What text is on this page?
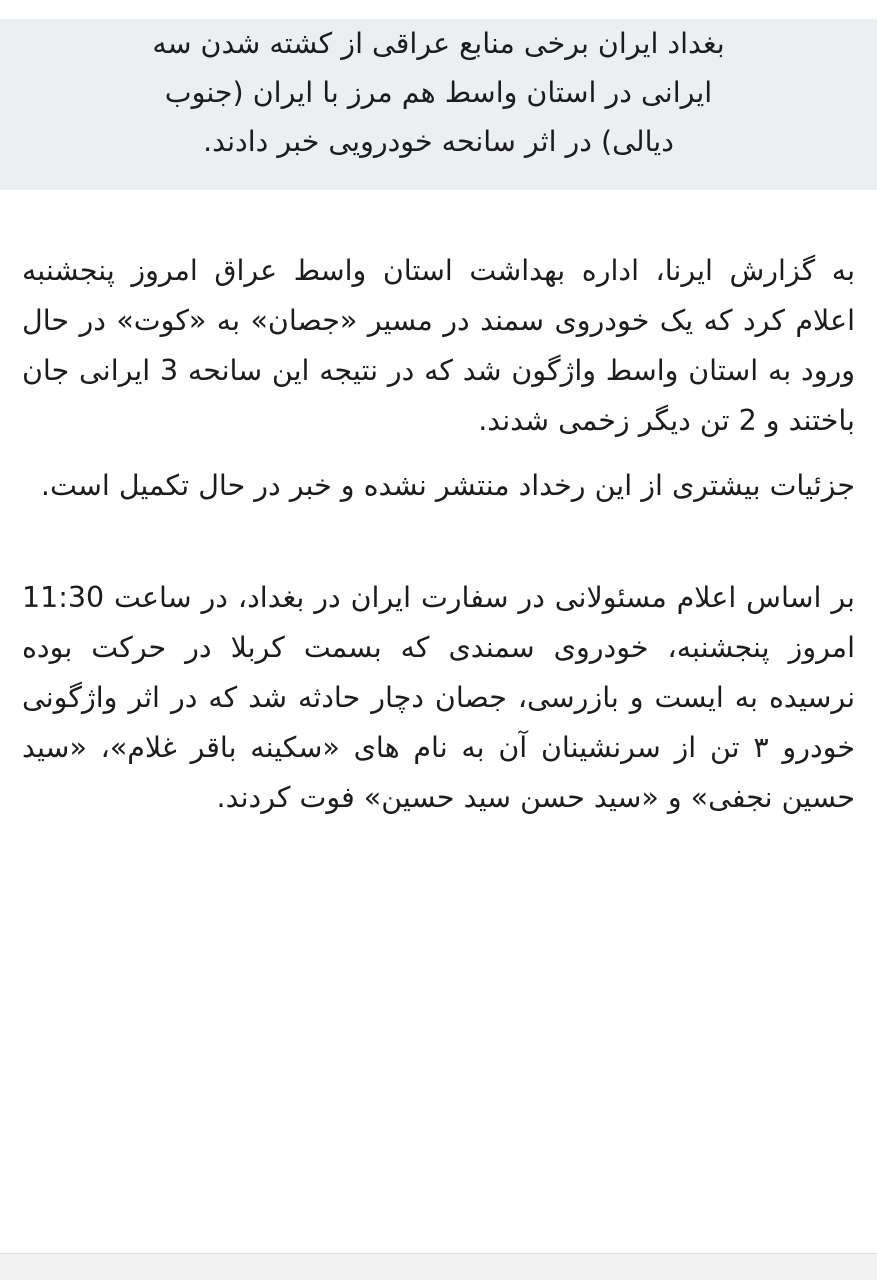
بغداد ایران برخی منابع عراقی از کشته شدن سه

ایرانی در استان واسط هم مرز با ایران (جنوب

دیالی) در اثر سانحه خودرویی خبر دادند.

به گزارش ایرنا، اداره بهداشت استان واسط عراق امروز پنجشنبه اعلام کرد که یک خودروی سمند در مسیر «جصان» به «کوت» در حال ورود به استان واسط واژگون شد که در نتیجه این سانحه 3 ایرانی جان باختند و 2 تن دیگر زخمی شدند.

جزئیات بیشتری از این رخداد منتشر نشده و خبر در حال تکمیل است.

بر اساس اعلام مسئولانی در سفارت ایران در بغداد، در ساعت 11:30 امروز پنجشنبه، خودروی سمندی که بسمت کربلا در حرکت بوده نرسیده به ایست و بازرسی، جصان دچار حادثه شد که در اثر واژگونی خودرو ۳ تن از سرنشینان آن به نام های «سکینه باقر غلام»، «سید حسین نجفی» و «سید حسن سید حسین» فوت کردند.
